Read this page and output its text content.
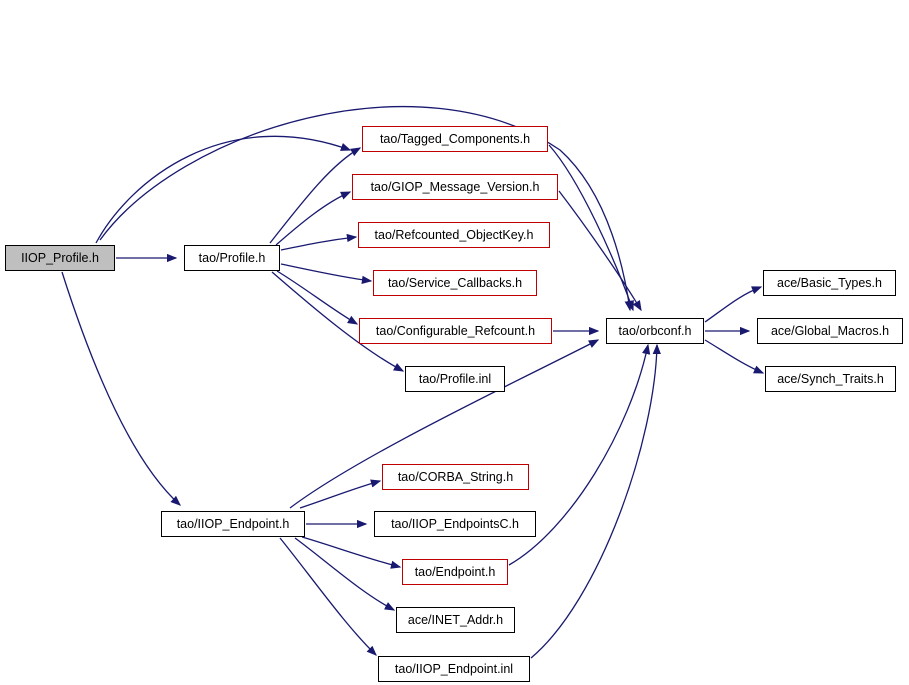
IIOP_Profile.h	tao/Profile.h
tao/Tagged_Components.h
tao/GIOP_Message_Version.h
tao/Refcounted_ObjectKey.h
tao/Service_Callbacks.h
tao/Configurable_Refcount.h
tao/Profile.inl
tao/orbconf.h
ace/Basic_Types.h
ace/Global_Macros.h
ace/Synch_Traits.h
tao/IIOP_Endpoint.h
tao/CORBA_String.h
tao/IIOP_EndpointsC.h
tao/Endpoint.h
ace/INET_Addr.h
tao/IIOP_Endpoint.inl
